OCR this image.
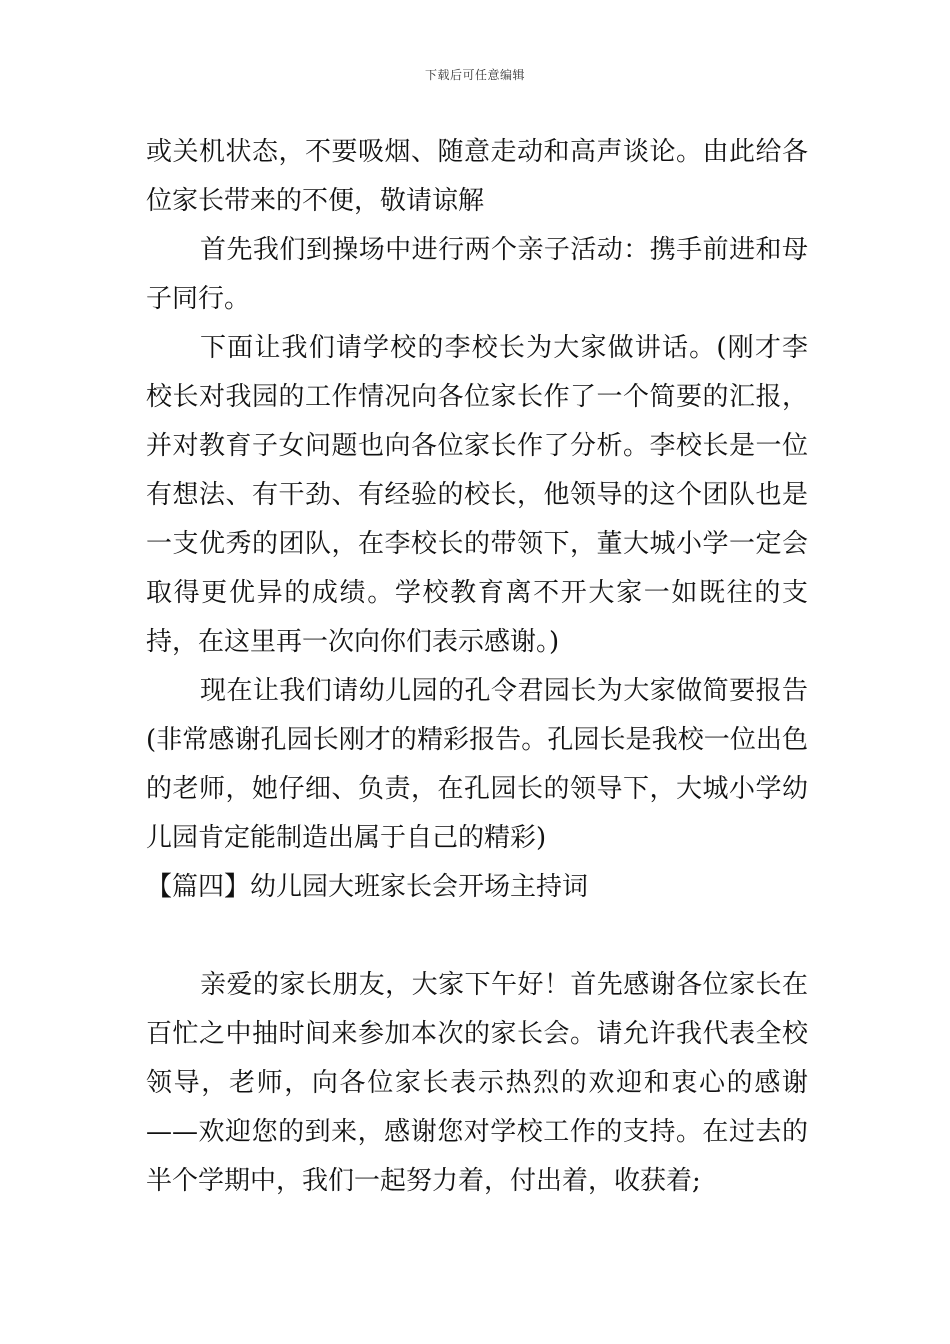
下载后可任意编辑

或关机状态，不要吸烟、随意走动和高声谈论。由此给各位家长带来的不便，敬请谅解

首先我们到操场中进行两个亲子活动：携手前进和母子同行。

下面让我们请学校的李校长为大家做讲话。(刚才李校长对我园的工作情况向各位家长作了一个简要的汇报，并对教育子女问题也向各位家长作了分析。李校长是一位有想法、有干劲、有经验的校长，他领导的这个团队也是一支优秀的团队，在李校长的带领下，董大城小学一定会取得更优异的成绩。学校教育离不开大家一如既往的支持，在这里再一次向你们表示感谢。)

现在让我们请幼儿园的孔令君园长为大家做简要报告(非常感谢孔园长刚才的精彩报告。孔园长是我校一位出色的老师，她仔细、负责，在孔园长的领导下，大城小学幼儿园肯定能制造出属于自己的精彩)

【篇四】幼儿园大班家长会开场主持词

亲爱的家长朋友，大家下午好！首先感谢各位家长在百忙之中抽时间来参加本次的家长会。请允许我代表全校领导，老师，向各位家长表示热烈的欢迎和衷心的感谢——欢迎您的到来，感谢您对学校工作的支持。在过去的半个学期中，我们一起努力着，付出着，收获着;
